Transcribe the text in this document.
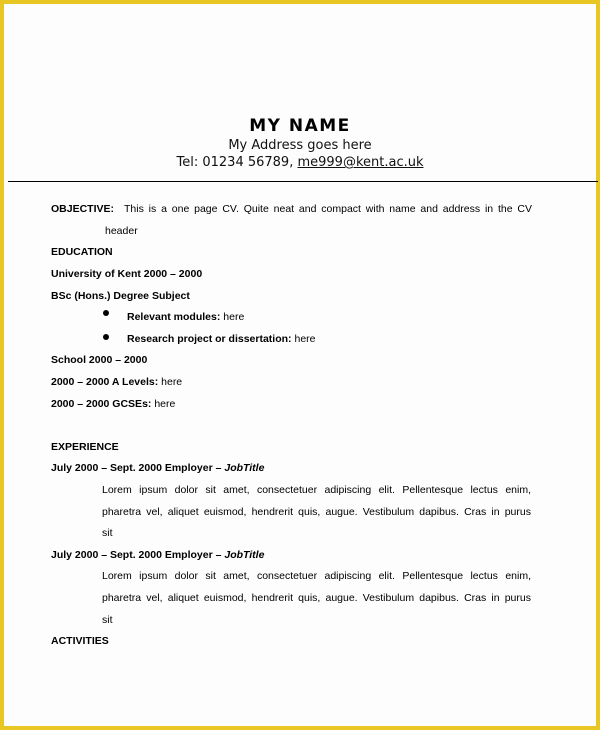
MY NAME
My Address goes here
Tel: 01234 56789, me999@kent.ac.uk
OBJECTIVE: This is a one page CV. Quite neat and compact with name and address in the CV
header
EDUCATION
University of Kent 2000 – 2000
BSc (Hons.) Degree Subject
Relevant modules: here
Research project or dissertation: here
School 2000 – 2000
2000 – 2000 A Levels: here
2000 – 2000 GCSEs: here
EXPERIENCE
July 2000 – Sept. 2000 Employer – JobTitle
Lorem ipsum dolor sit amet, consectetuer adipiscing elit. Pellentesque lectus enim,
pharetra vel, aliquet euismod, hendrerit quis, augue. Vestibulum dapibus. Cras in purus
sit
July 2000 – Sept. 2000 Employer – JobTitle
Lorem ipsum dolor sit amet, consectetuer adipiscing elit. Pellentesque lectus enim,
pharetra vel, aliquet euismod, hendrerit quis, augue. Vestibulum dapibus. Cras in purus
sit
ACTIVITIES
